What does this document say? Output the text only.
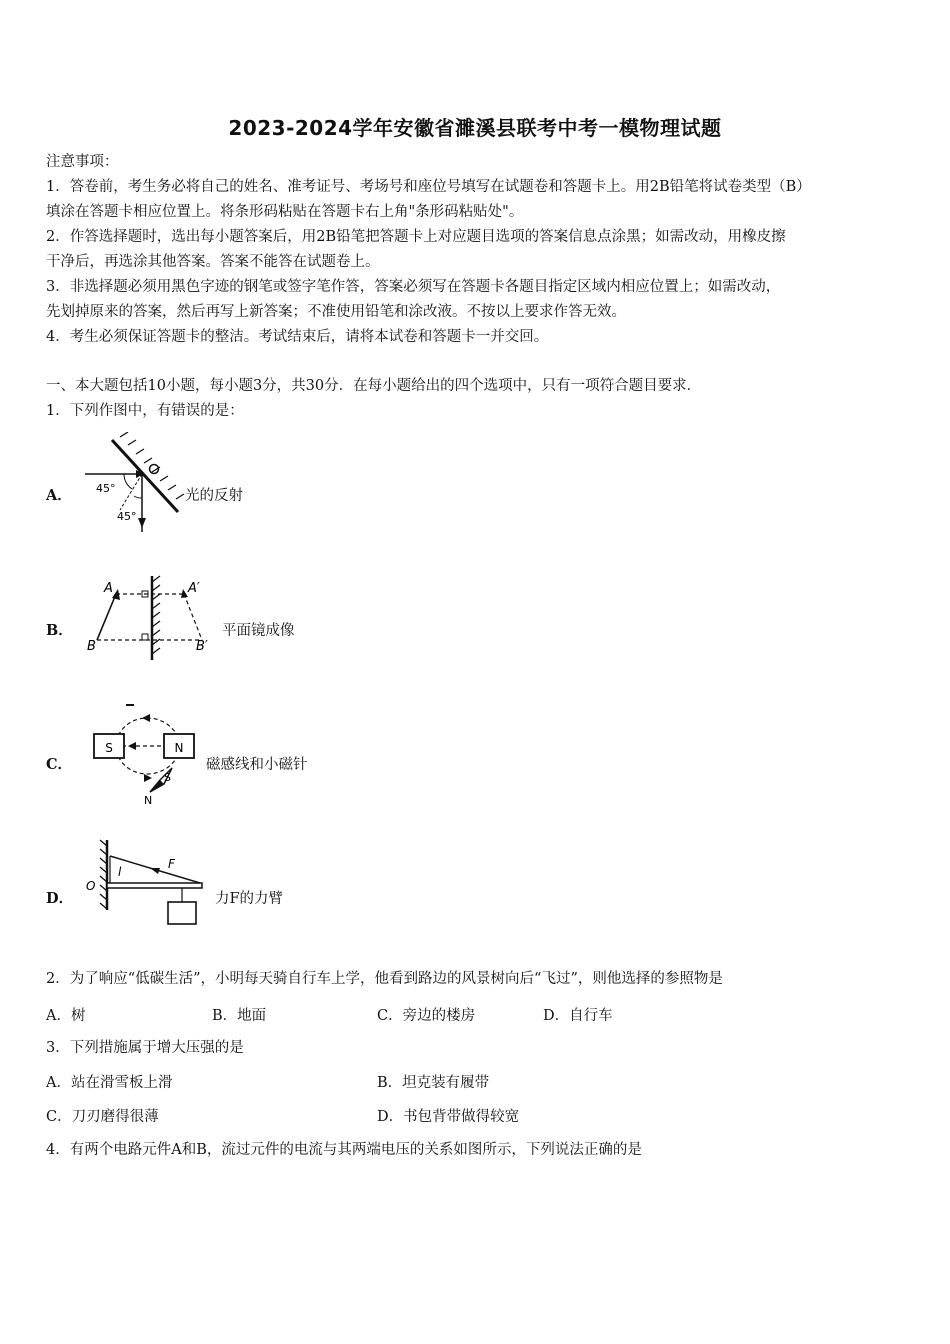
2023-2024学年安徽省濉溪县联考中考一模物理试题
注意事项：
1．答卷前，考生务必将自己的姓名、准考证号、考场号和座位号填写在试题卷和答题卡上。用2B铅笔将试卷类型（B）
填涂在答题卡相应位置上。将条形码粘贴在答题卡右上角"条形码粘贴处"。
2．作答选择题时，选出每小题答案后，用2B铅笔把答题卡上对应题目选项的答案信息点涂黑；如需改动，用橡皮擦
干净后，再选涂其他答案。答案不能答在试题卷上。
3．非选择题必须用黑色字迹的钢笔或签字笔作答，答案必须写在答题卡各题目指定区域内相应位置上；如需改动，
先划掉原来的答案，然后再写上新答案；不准使用铅笔和涂改液。不按以上要求作答无效。
4．考生必须保证答题卡的整洁。考试结束后，请将本试卷和答题卡一并交回。
一、本大题包括10小题，每小题3分，共30分．在每小题给出的四个选项中，只有一项符合题目要求．
1．下列作图中，有错误的是：
A． 45°
45°
光的反射
B．
A	A′
B	B′
平面镜成像
C．
S	N
S
N
磁感线和小磁针
D．
O
l
F
力F的力臂
2．为了响应“低碳生活”，小明每天骑自行车上学，他看到路边的风景树向后“飞过”，则他选择的参照物是
A．树	B．地面	C．旁边的楼房	D．自行车
3．下列措施属于增大压强的是
A．站在滑雪板上滑	B．坦克装有履带
C．刀刃磨得很薄	D．书包背带做得较宽
4．有两个电路元件A和B，流过元件的电流与其两端电压的关系如图所示，下列说法正确的是
